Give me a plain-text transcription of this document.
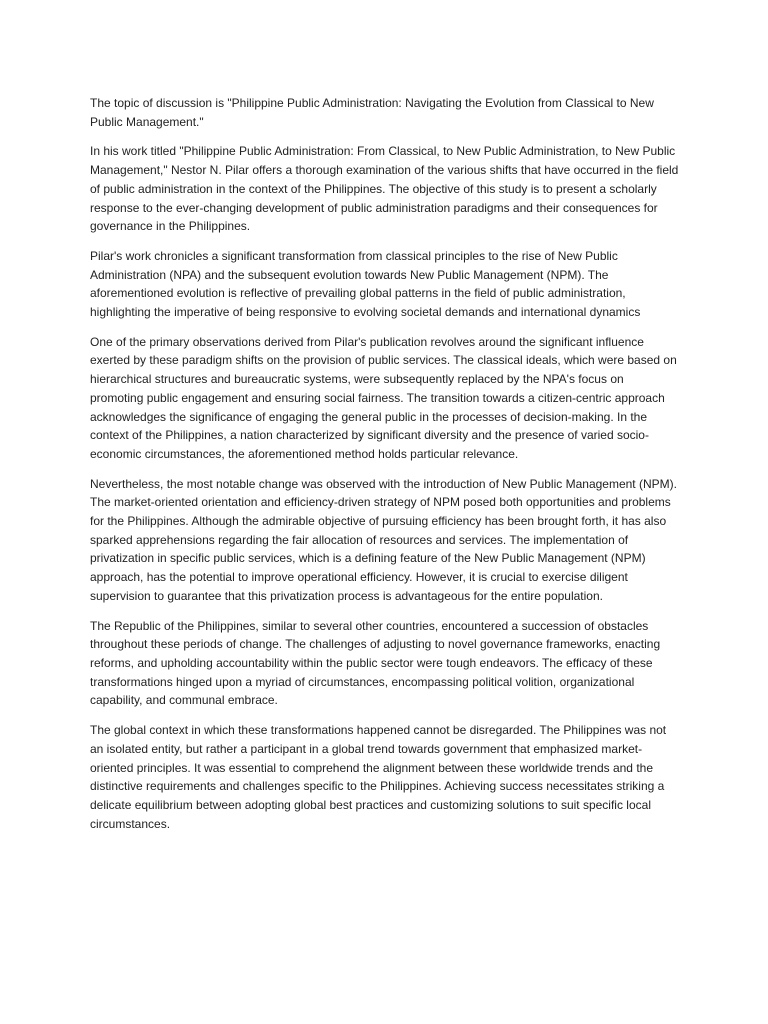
The topic of discussion is "Philippine Public Administration: Navigating the Evolution from Classical to New Public Management."

In his work titled "Philippine Public Administration: From Classical, to New Public Administration, to New Public Management," Nestor N. Pilar offers a thorough examination of the various shifts that have occurred in the field of public administration in the context of the Philippines. The objective of this study is to present a scholarly response to the ever-changing development of public administration paradigms and their consequences for governance in the Philippines.

Pilar's work chronicles a significant transformation from classical principles to the rise of New Public Administration (NPA) and the subsequent evolution towards New Public Management (NPM). The aforementioned evolution is reflective of prevailing global patterns in the field of public administration, highlighting the imperative of being responsive to evolving societal demands and international dynamics

One of the primary observations derived from Pilar's publication revolves around the significant influence exerted by these paradigm shifts on the provision of public services. The classical ideals, which were based on hierarchical structures and bureaucratic systems, were subsequently replaced by the NPA's focus on promoting public engagement and ensuring social fairness. The transition towards a citizen-centric approach acknowledges the significance of engaging the general public in the processes of decision-making. In the context of the Philippines, a nation characterized by significant diversity and the presence of varied socio-economic circumstances, the aforementioned method holds particular relevance.

Nevertheless, the most notable change was observed with the introduction of New Public Management (NPM). The market-oriented orientation and efficiency-driven strategy of NPM posed both opportunities and problems for the Philippines. Although the admirable objective of pursuing efficiency has been brought forth, it has also sparked apprehensions regarding the fair allocation of resources and services. The implementation of privatization in specific public services, which is a defining feature of the New Public Management (NPM) approach, has the potential to improve operational efficiency. However, it is crucial to exercise diligent supervision to guarantee that this privatization process is advantageous for the entire population.

The Republic of the Philippines, similar to several other countries, encountered a succession of obstacles throughout these periods of change. The challenges of adjusting to novel governance frameworks, enacting reforms, and upholding accountability within the public sector were tough endeavors. The efficacy of these transformations hinged upon a myriad of circumstances, encompassing political volition, organizational capability, and communal embrace.

The global context in which these transformations happened cannot be disregarded. The Philippines was not an isolated entity, but rather a participant in a global trend towards government that emphasized market-oriented principles. It was essential to comprehend the alignment between these worldwide trends and the distinctive requirements and challenges specific to the Philippines. Achieving success necessitates striking a delicate equilibrium between adopting global best practices and customizing solutions to suit specific local circumstances.
